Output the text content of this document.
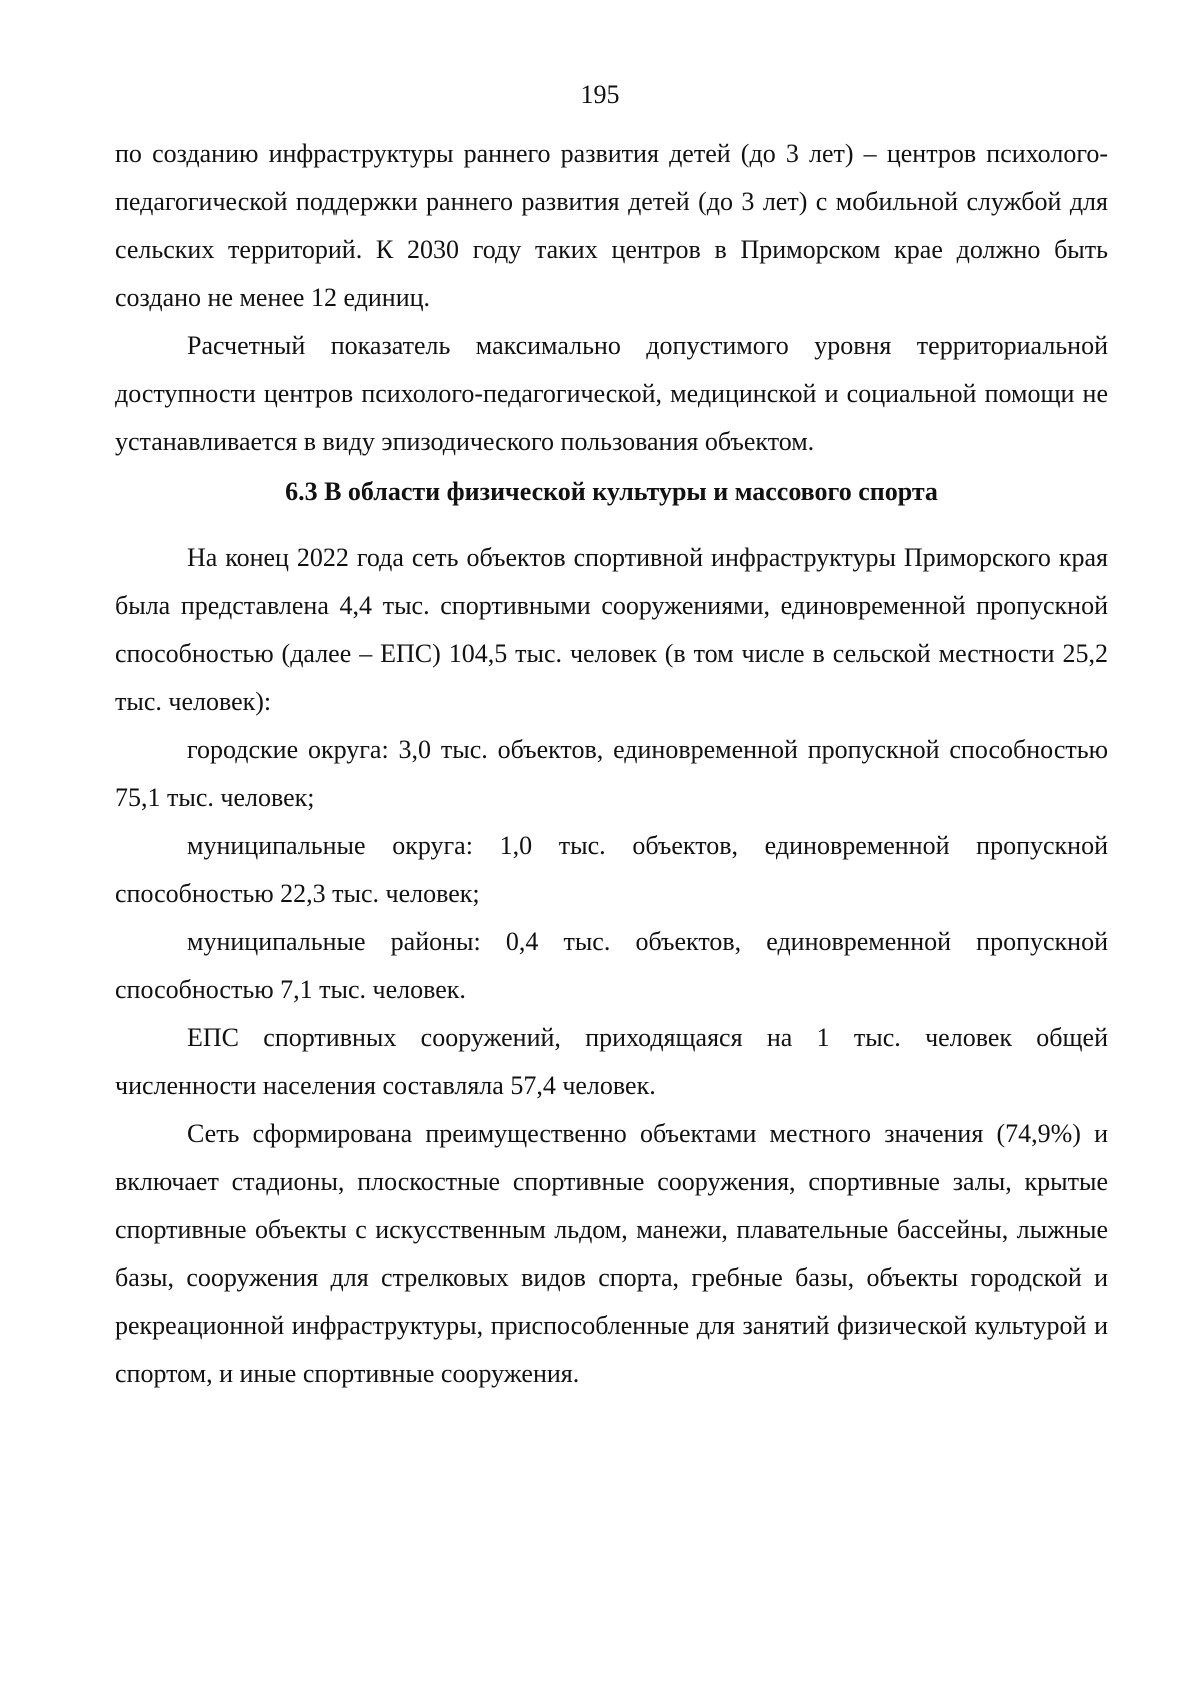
195

по созданию инфраструктуры раннего развития детей (до 3 лет) – центров психолого-педагогической поддержки раннего развития детей (до 3 лет) с мобильной службой для сельских территорий. К 2030 году таких центров в Приморском крае должно быть создано не менее 12 единиц.

Расчетный показатель максимально допустимого уровня территориальной доступности центров психолого-педагогической, медицинской и социальной помощи не устанавливается в виду эпизодического пользования объектом.

6.3 В области физической культуры и массового спорта

На конец 2022 года сеть объектов спортивной инфраструктуры Приморского края была представлена 4,4 тыс. спортивными сооружениями, единовременной пропускной способностью (далее – ЕПС) 104,5 тыс. человек (в том числе в сельской местности 25,2 тыс. человек):

городские округа: 3,0 тыс. объектов, единовременной пропускной способностью 75,1 тыс. человек;

муниципальные округа: 1,0 тыс. объектов, единовременной пропускной способностью 22,3 тыс. человек;

муниципальные районы: 0,4 тыс. объектов, единовременной пропускной способностью 7,1 тыс. человек.

ЕПС спортивных сооружений, приходящаяся на 1 тыс. человек общей численности населения составляла 57,4 человек.

Сеть сформирована преимущественно объектами местного значения (74,9%) и включает стадионы, плоскостные спортивные сооружения, спортивные залы, крытые спортивные объекты с искусственным льдом, манежи, плавательные бассейны, лыжные базы, сооружения для стрелковых видов спорта, гребные базы, объекты городской и рекреационной инфраструктуры, приспособленные для занятий физической культурой и спортом, и иные спортивные сооружения.
